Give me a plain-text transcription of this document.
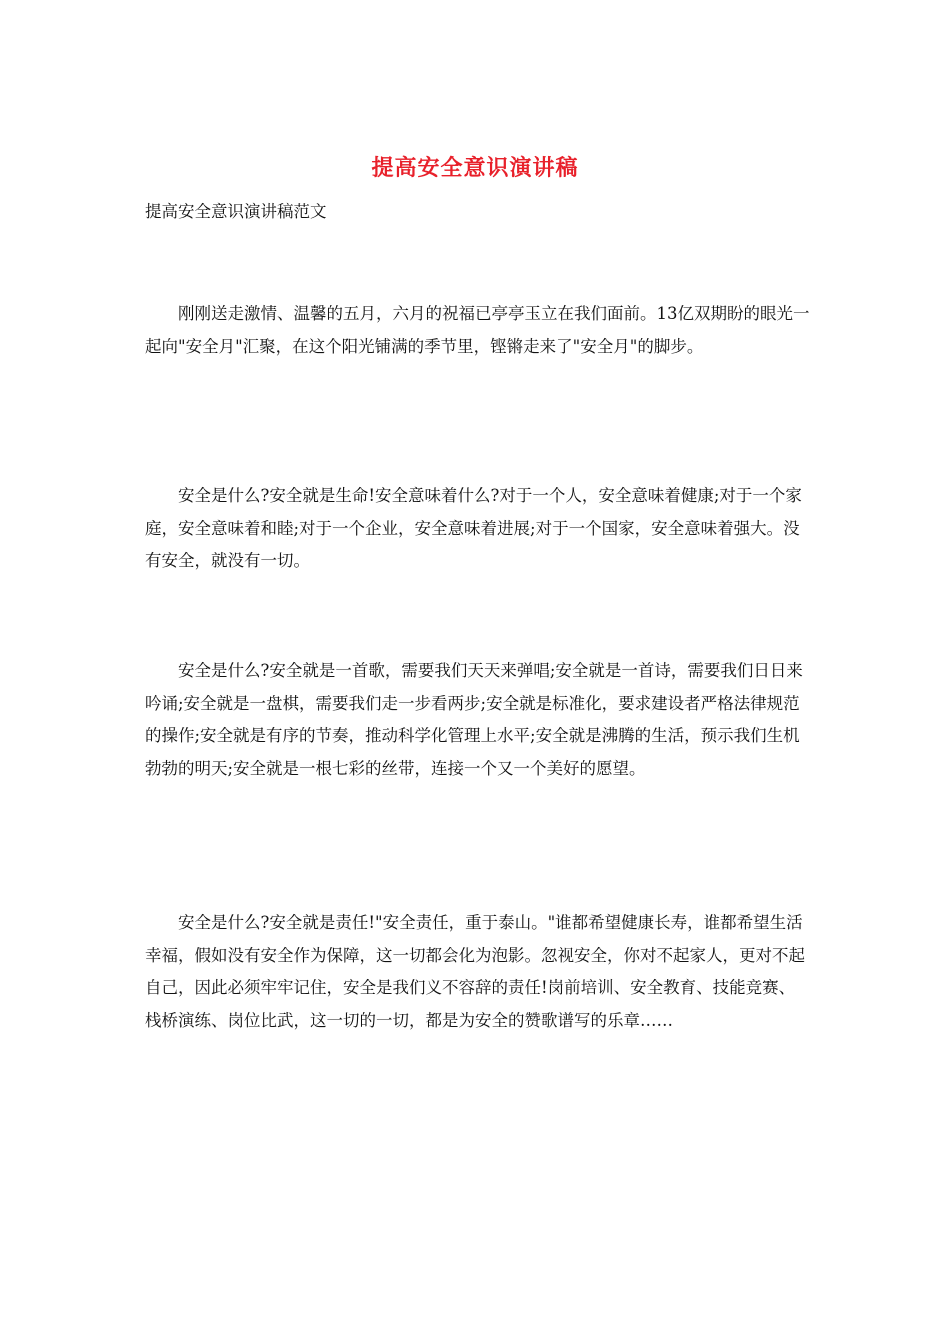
提高安全意识演讲稿
提高安全意识演讲稿范文

刚刚送走激情、温馨的五月，六月的祝福已亭亭玉立在我们面前。13亿双期盼的眼光一起向"安全月"汇聚，在这个阳光铺满的季节里，铿锵走来了"安全月"的脚步。

安全是什么?安全就是生命!安全意味着什么?对于一个人，安全意味着健康;对于一个家庭，安全意味着和睦;对于一个企业，安全意味着进展;对于一个国家，安全意味着强大。没有安全，就没有一切。

安全是什么?安全就是一首歌，需要我们天天来弹唱;安全就是一首诗，需要我们日日来吟诵;安全就是一盘棋，需要我们走一步看两步;安全就是标准化，要求建设者严格法律规范的操作;安全就是有序的节奏，推动科学化管理上水平;安全就是沸腾的生活，预示我们生机勃勃的明天;安全就是一根七彩的丝带，连接一个又一个美好的愿望。

安全是什么?安全就是责任!"安全责任，重于泰山。"谁都希望健康长寿，谁都希望生活幸福，假如没有安全作为保障，这一切都会化为泡影。忽视安全，你对不起家人，更对不起自己，因此必须牢牢记住，安全是我们义不容辞的责任!岗前培训、安全教育、技能竞赛、栈桥演练、岗位比武，这一切的一切，都是为安全的赞歌谱写的乐章……
